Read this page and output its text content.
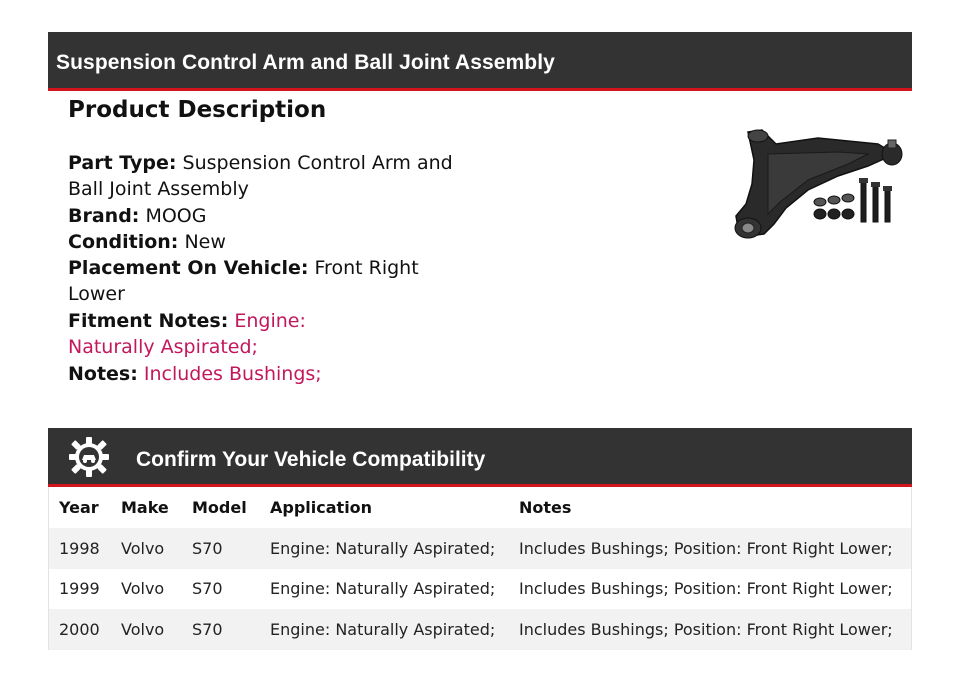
Suspension Control Arm and Ball Joint Assembly
Product Description
Part Type: Suspension Control Arm and Ball Joint Assembly
Brand: MOOG
Condition: New
Placement On Vehicle: Front Right Lower
Fitment Notes: Engine: Naturally Aspirated;
Notes: Includes Bushings;
Confirm Your Vehicle Compatibility
Year	Make	Model	Application	Notes
1998	Volvo	S70	Engine: Naturally Aspirated;	Includes Bushings; Position: Front Right Lower;
1999	Volvo	S70	Engine: Naturally Aspirated;	Includes Bushings; Position: Front Right Lower;
2000	Volvo	S70	Engine: Naturally Aspirated;	Includes Bushings; Position: Front Right Lower;
